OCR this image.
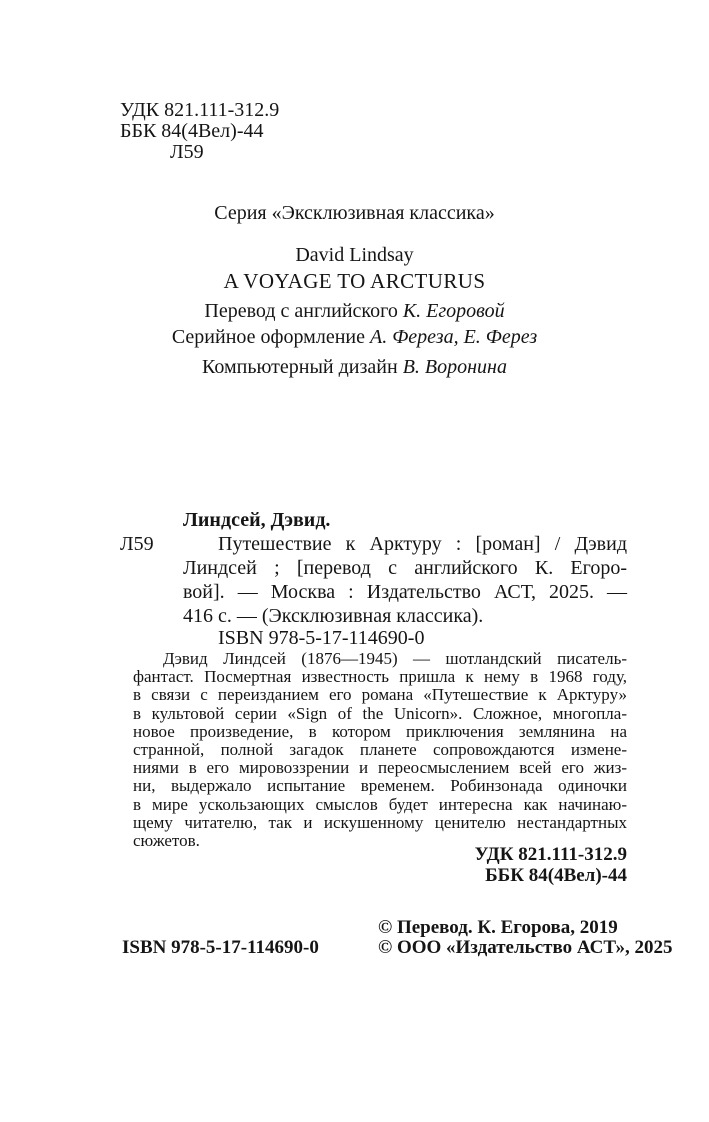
УДК 821.111-312.9
ББК 84(4Вел)-44
Л59
Серия «Эксклюзивная классика»
David Lindsay
A VOYAGE TO ARCTURUS
Перевод с английского К. Егоровой
Серийное оформление А. Фереза, Е. Ферез
Компьютерный дизайн В. Воронина
Линдсей, Дэвид.
Л59	Путешествие к Арктуру : [роман] / Дэвид
Линдсей ; [перевод с английского К. Егоро-
вой]. — Москва : Издательство АСТ, 2025. —
416 с. — (Эксклюзивная классика).
ISBN 978-5-17-114690-0
Дэвид Линдсей (1876—1945) — шотландский писатель-
фантаст. Посмертная известность пришла к нему в 1968 году,
в связи с переизданием его романа «Путешествие к Арктуру»
в культовой серии «Sign of the Unicorn». Сложное, многопла-
новое произведение, в котором приключения землянина на
странной, полной загадок планете сопровождаются измене-
ниями в его мировоззрении и переосмыслением всей его жиз-
ни, выдержало испытание временем. Робинзонада одиночки
в мире ускользающих смыслов будет интересна как начинаю-
щему читателю, так и искушенному ценителю нестандартных
сюжетов.
УДК 821.111-312.9
ББК 84(4Вел)-44
© Перевод. К. Егорова, 2019
© ООО «Издательство АСТ», 2025
ISBN 978-5-17-114690-0
